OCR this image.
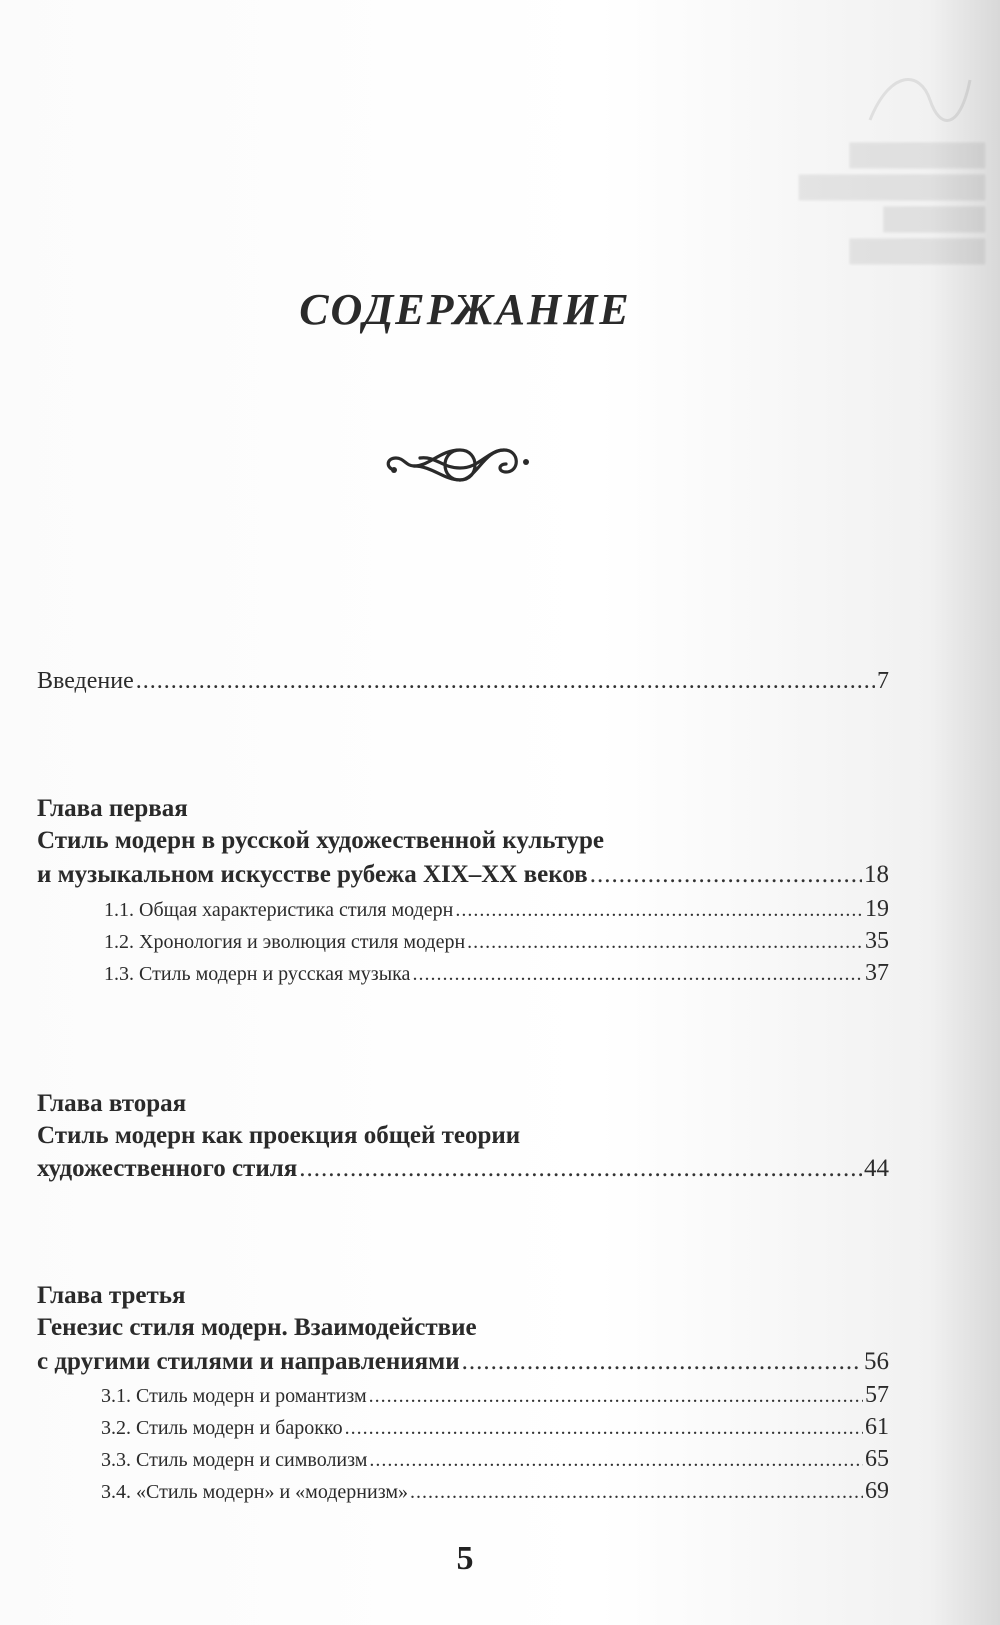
████████
███████████
██████
████████
СОДЕРЖАНИЕ
Введение .....	7
Глава первая
Стиль модерн в русской художественной культуре
и музыкальном искусстве рубежа XIX–XX веков .....	18
1.1. Общая характеристика стиля модерн .....	19
1.2. Хронология и эволюция стиля модерн .....	35
1.3. Стиль модерн и русская музыка .....	37
Глава вторая
Стиль модерн как проекция общей теории
художественного стиля .....	44
Глава третья
Генезис стиля модерн. Взаимодействие
с другими стилями и направлениями .....	56
3.1. Стиль модерн и романтизм .....	57
3.2. Стиль модерн и барокко .....	61
3.3. Стиль модерн и символизм .....	65
3.4. «Стиль модерн» и «модернизм» .....	69
5
